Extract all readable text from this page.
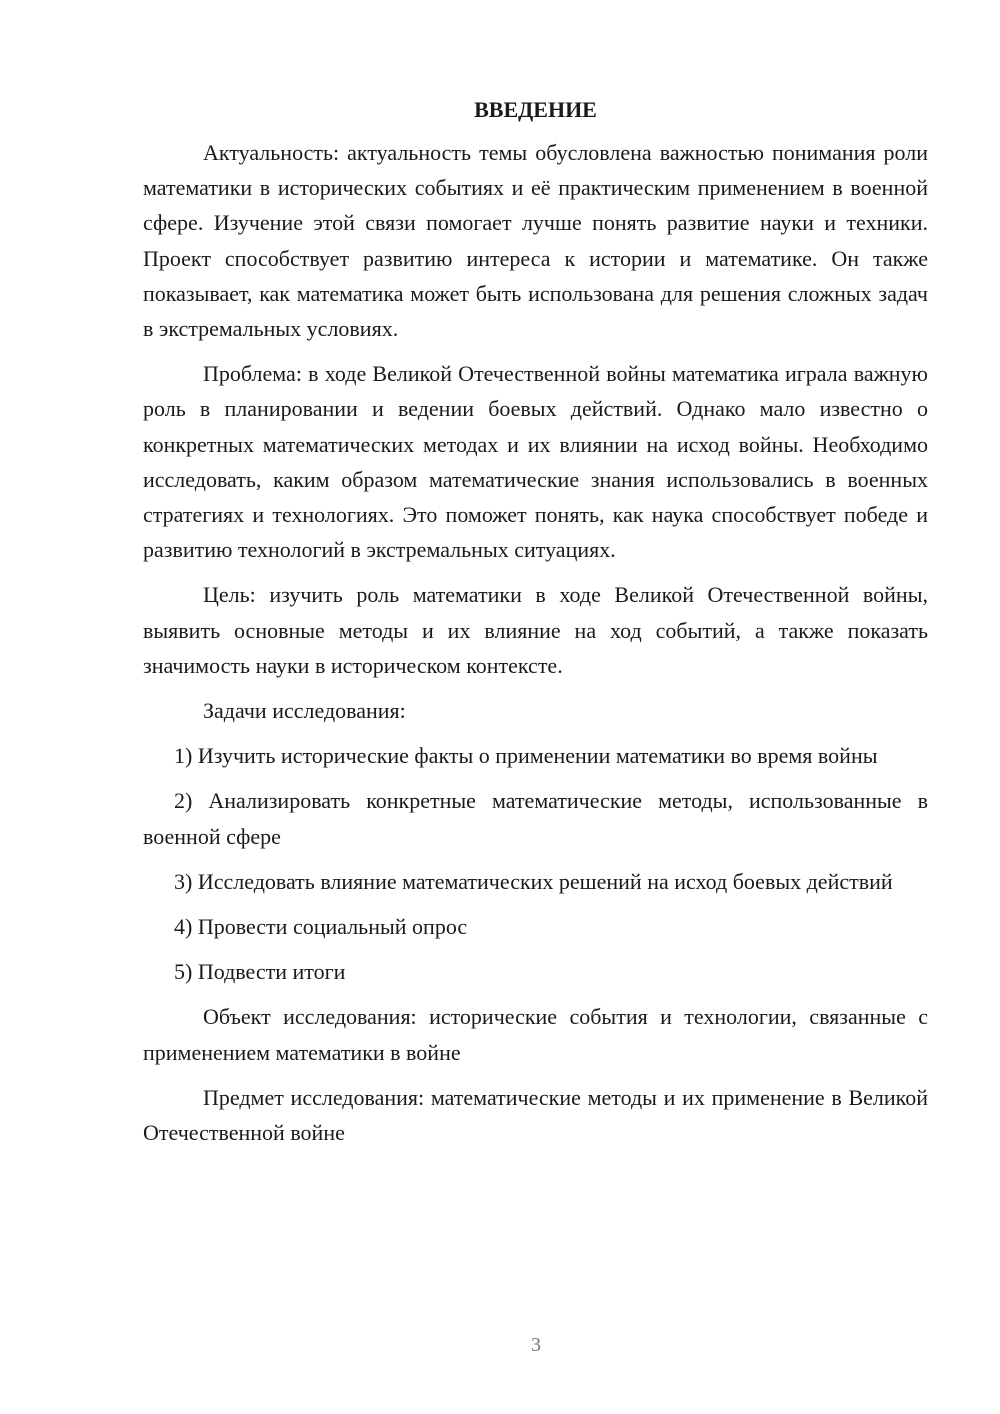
ВВЕДЕНИЕ

Актуальность: актуальность темы обусловлена важностью понимания роли математики в исторических событиях и её практическим применением в военной сфере. Изучение этой связи помогает лучше понять развитие науки и техники. Проект способствует развитию интереса к истории и математике. Он также показывает, как математика может быть использована для решения сложных задач в экстремальных условиях.

Проблема: в ходе Великой Отечественной войны математика играла важную роль в планировании и ведении боевых действий. Однако мало известно о конкретных математических методах и их влиянии на исход войны. Необходимо исследовать, каким образом математические знания использовались в военных стратегиях и технологиях. Это поможет понять, как наука способствует победе и развитию технологий в экстремальных ситуациях.

Цель: изучить роль математики в ходе Великой Отечественной войны, выявить основные методы и их влияние на ход событий, а также показать значимость науки в историческом контексте.

Задачи исследования:

1) Изучить исторические факты о применении математики во время войны

2) Анализировать конкретные математические методы, использованные в военной сфере

3) Исследовать влияние математических решений на исход боевых действий

4) Провести социальный опрос

5) Подвести итоги

Объект исследования: исторические события и технологии, связанные с применением математики в войне

Предмет исследования: математические методы и их применение в Великой Отечественной войне

3
